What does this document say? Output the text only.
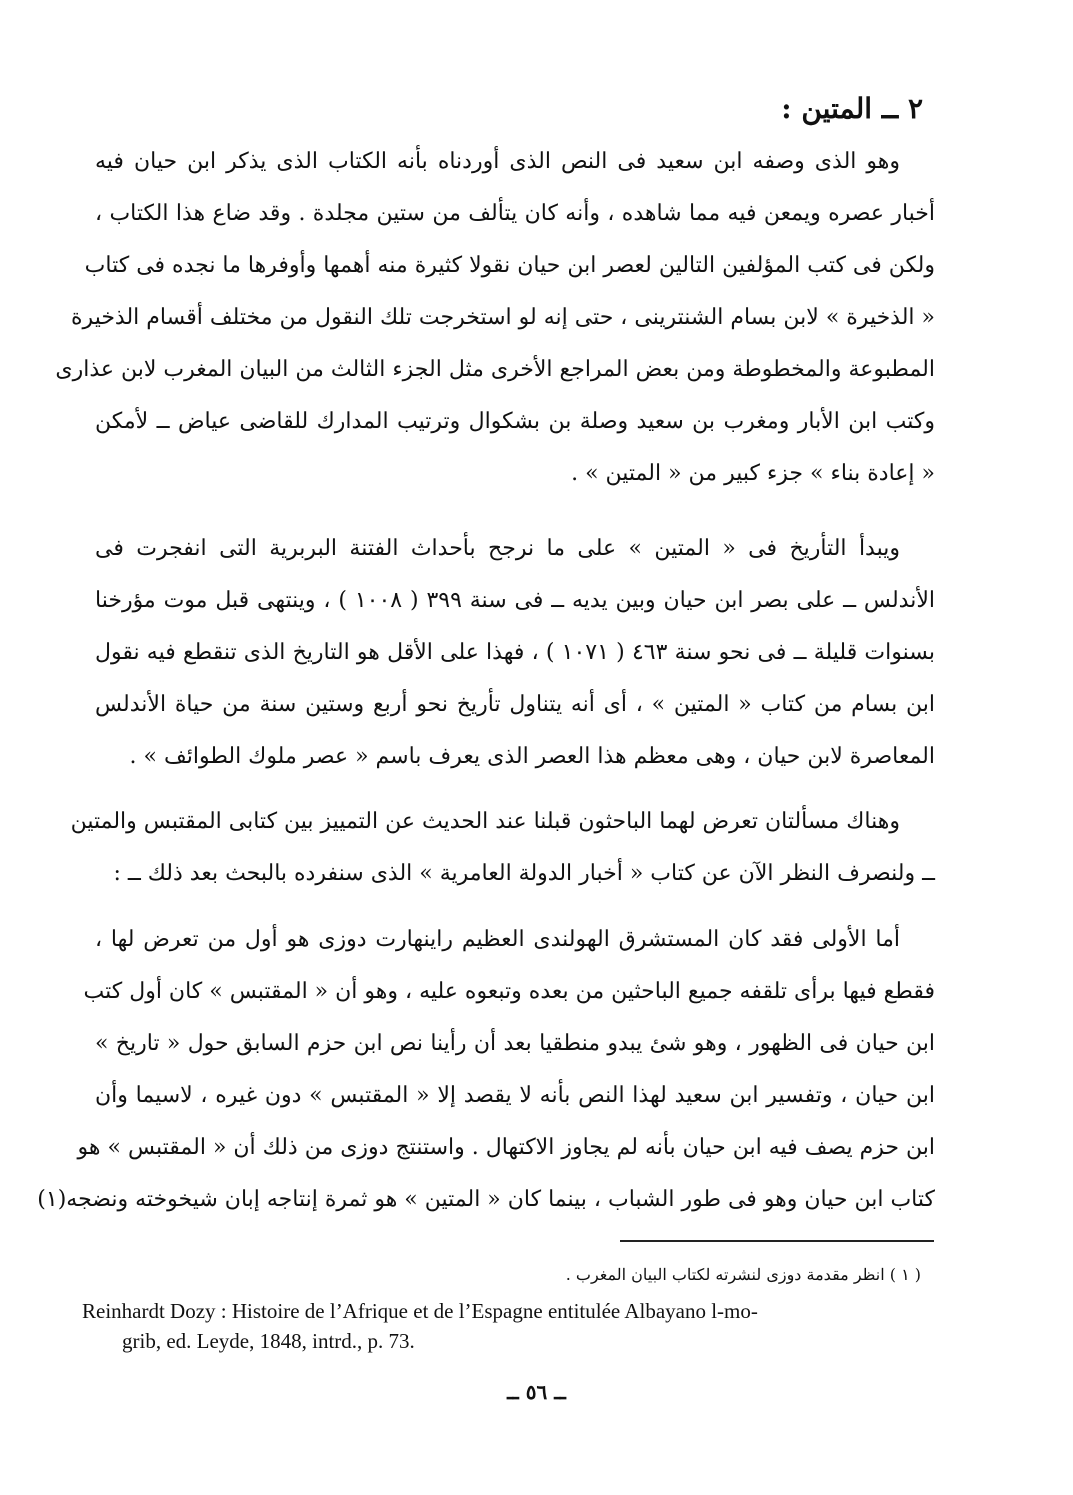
٢ ــ المتين :
وهو الذى وصفه ابن سعيد فى النص الذى أوردناه بأنه الكتاب الذى يذكر ابن حيان فيه
أخبار عصره ويمعن فيه مما شاهده ، وأنه كان يتألف من ستين مجلدة . وقد ضاع هذا الكتاب ،
ولكن فى كتب المؤلفين التالين لعصر ابن حيان نقولا كثيرة منه أهمها وأوفرها ما نجده فى كتاب
« الذخيرة » لابن بسام الشنترينى ، حتى إنه لو استخرجت تلك النقول من مختلف أقسام الذخيرة
المطبوعة والمخطوطة ومن بعض المراجع الأخرى مثل الجزء الثالث من البيان المغرب لابن عذارى
وكتب ابن الأبار ومغرب بن سعيد وصلة بن بشكوال وترتيب المدارك للقاضى عياض ــ لأمكن
« إعادة بناء » جزء كبير من « المتين » .
ويبدأ التأريخ فى « المتين » على ما نرجح بأحداث الفتنة البربرية التى انفجرت فى
الأندلس ــ على بصر ابن حيان وبين يديه ــ فى سنة ٣٩٩ ( ١٠٠٨ ) ، وينتهى قبل موت مؤرخنا
بسنوات قليلة ــ فى نحو سنة ٤٦٣ ( ١٠٧١ ) ، فهذا على الأقل هو التاريخ الذى تنقطع فيه نقول
ابن بسام من كتاب « المتين » ، أى أنه يتناول تأريخ نحو أربع وستين سنة من حياة الأندلس
المعاصرة لابن حيان ، وهى معظم هذا العصر الذى يعرف باسم « عصر ملوك الطوائف » .
وهناك مسألتان تعرض لهما الباحثون قبلنا عند الحديث عن التمييز بين كتابى المقتبس والمتين
ــ ولنصرف النظر الآن عن كتاب « أخبار الدولة العامرية » الذى سنفرده بالبحث بعد ذلك ــ :
أما الأولى فقد كان المستشرق الهولندى العظيم راينهارت دوزى هو أول من تعرض لها ،
فقطع فيها برأى تلقفه جميع الباحثين من بعده وتبعوه عليه ، وهو أن « المقتبس » كان أول كتب
ابن حيان فى الظهور ، وهو شئ يبدو منطقيا بعد أن رأينا نص ابن حزم السابق حول « تاريخ »
ابن حيان ، وتفسير ابن سعيد لهذا النص بأنه لا يقصد إلا « المقتبس » دون غيره ، لاسيما وأن
ابن حزم يصف فيه ابن حيان بأنه لم يجاوز الاكتهال . واستنتج دوزى من ذلك أن « المقتبس » هو
كتاب ابن حيان وهو فى طور الشباب ، بينما كان « المتين » هو ثمرة إنتاجه إبان شيخوخته ونضجه(١)
( ١ ) انظر مقدمة دوزى لنشرته لكتاب البيان المغرب .
Reinhardt Dozy : Histoire de l’Afrique et de l’Espagne entitulée Albayano l-mo-
grib, ed. Leyde, 1848, intrd., p. 73.
ــ ٥٦ ــ
